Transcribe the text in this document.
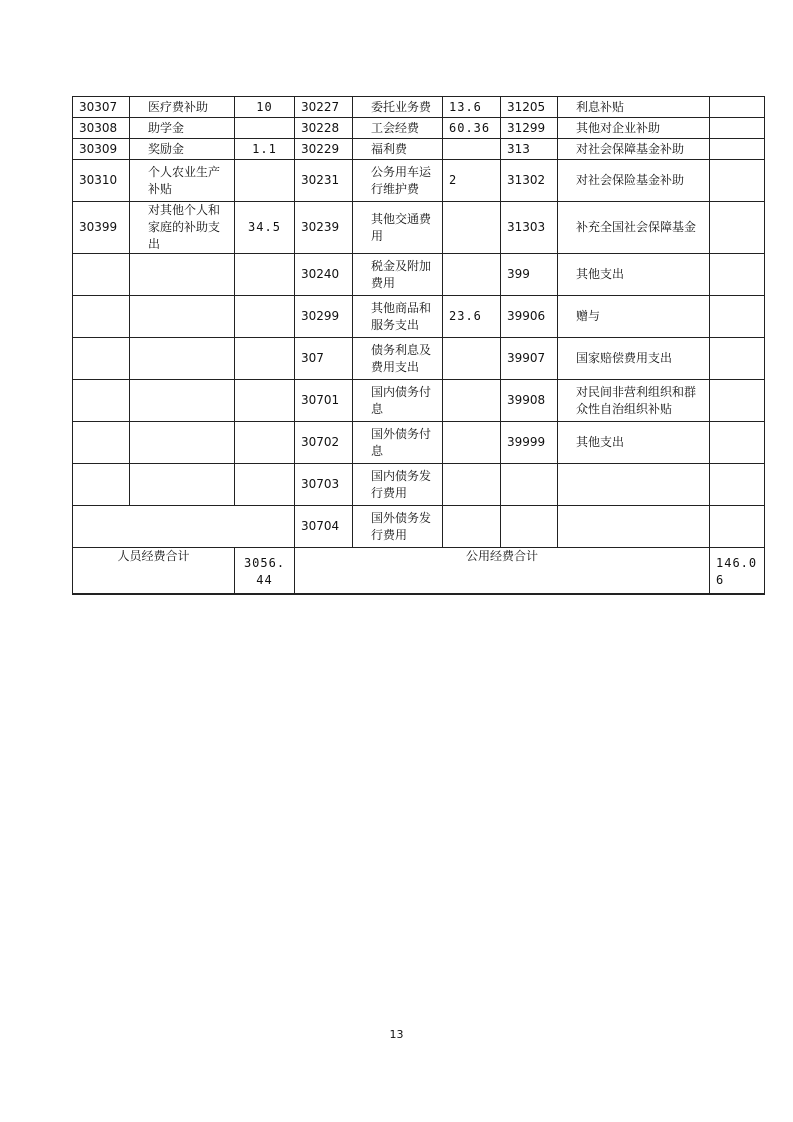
30307	医疗费补助	10	30227	委托业务费	13.6	31205	利息补贴	
30308	助学金		30228	工会经费	60.36	31299	其他对企业补助	
30309	奖励金	1.1	30229	福利费		313	对社会保障基金补助	
30310	个人农业生产补贴		30231	公务用车运行维护费	2	31302	对社会保险基金补助	
30399	对其他个人和家庭的补助支出	34.5	30239	其他交通费用		31303	补充全国社会保障基金	
			30240	税金及附加费用		399	其他支出	
			30299	其他商品和服务支出	23.6	39906	赠与	
			307	债务利息及费用支出		39907	国家赔偿费用支出	
			30701	国内债务付息		39908	对民间非营利组织和群众性自治组织补贴	
			30702	国外债务付息		39999	其他支出	
			30703	国内债务发行费用				
			30704	国外债务发行费用				
人员经费合计		3056.44	公用经费合计					146.06
13
